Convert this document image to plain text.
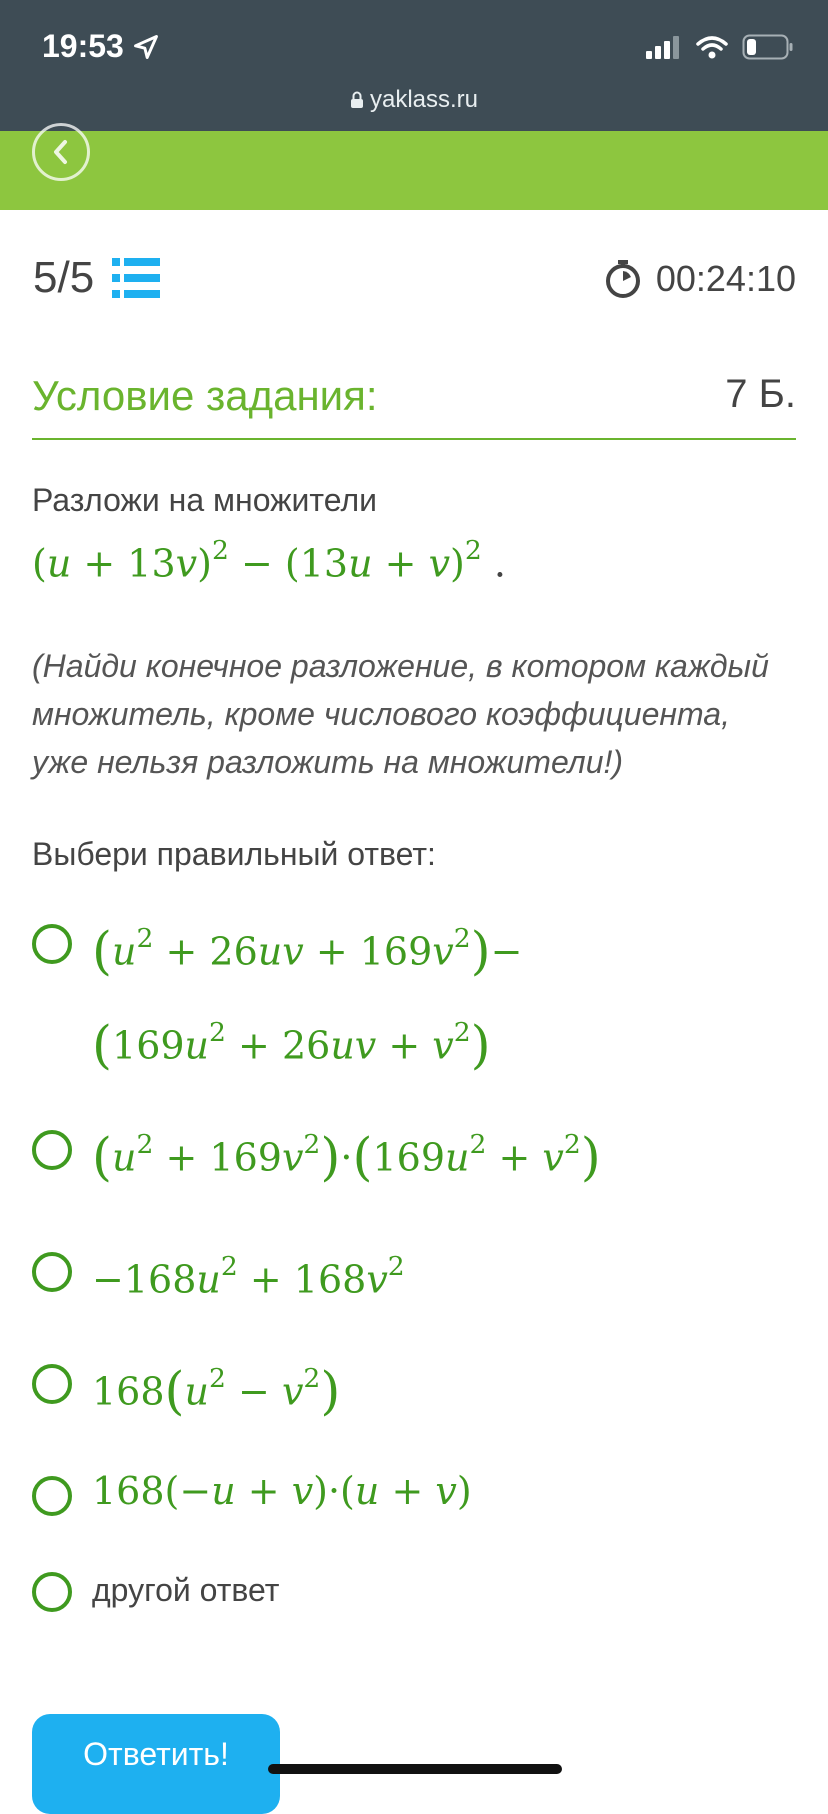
19:53
yaklass.ru
5/5	00:24:10
Условие задания:	7 Б.
Разложи на множители
$(u + 13v)^2 - (13u + v)^2$ .
(Найди конечное разложение, в котором каждый множитель, кроме числового коэффициента, уже нельзя разложить на множители!)
Выбери правильный ответ:
$(u^2 + 26uv + 169v^2)-$
$(169u^2 + 26uv + v^2)$
$(u^2 + 169v^2)\cdot(169u^2 + v^2)$
$-168u^2 + 168v^2$
$168(u^2 - v^2)$
168(−u + v)·(u + v)
другой ответ
Ответить!
